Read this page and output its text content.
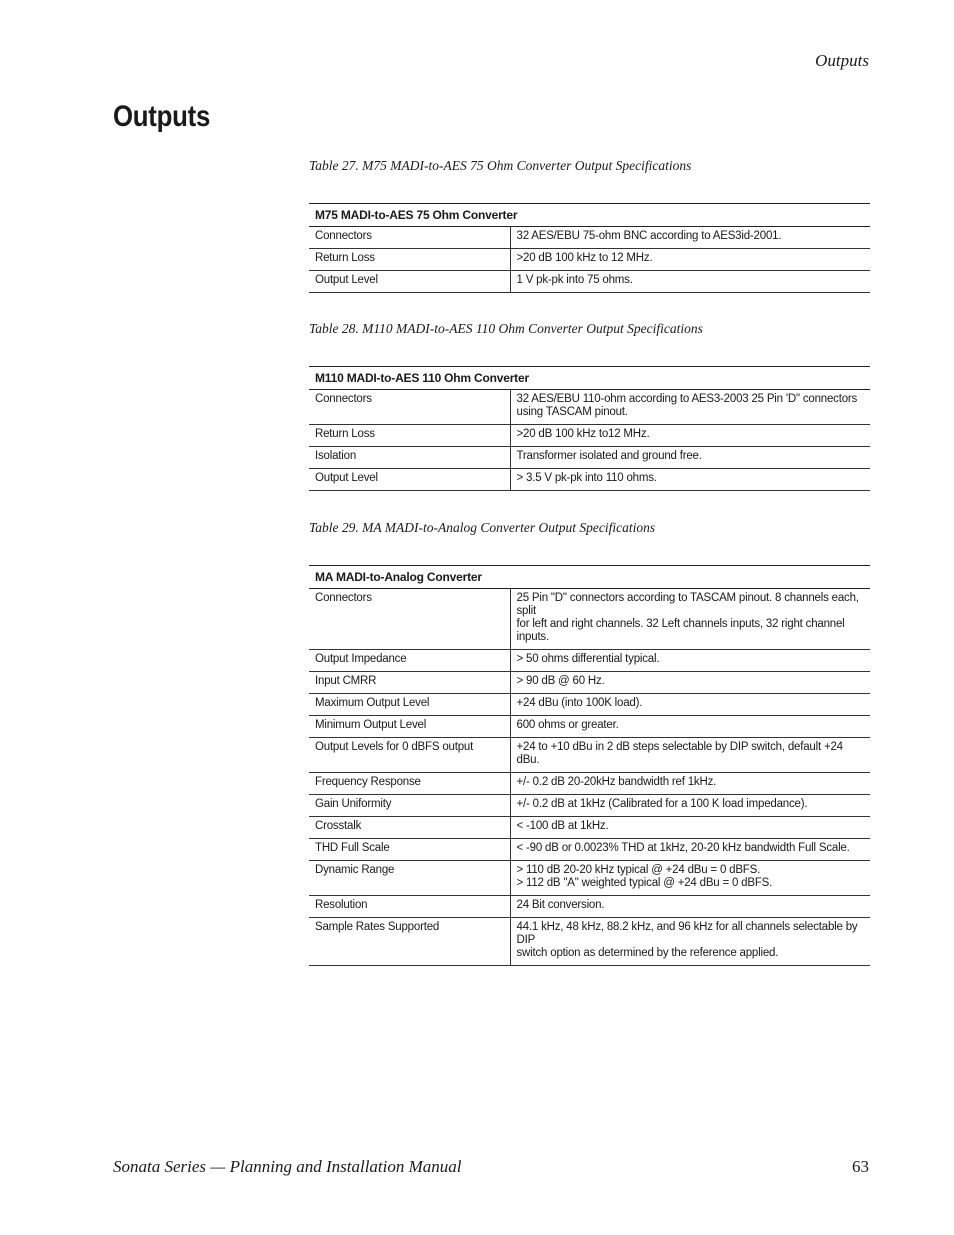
Outputs
Outputs
Table 27. M75 MADI-to-AES 75 Ohm Converter Output Specifications
M75 MADI-to-AES 75 Ohm Converter	
Connectors	32 AES/EBU 75-ohm BNC according to AES3id-2001.
Return Loss	>20 dB 100 kHz to 12 MHz.
Output Level	1 V pk-pk into 75 ohms.
Table 28. M110 MADI-to-AES 110 Ohm Converter Output Specifications
M110 MADI-to-AES 110 Ohm Converter	
Connectors	32 AES/EBU 110-ohm according to AES3-2003 25 Pin 'D" connectors
using TASCAM pinout.
Return Loss	>20 dB 100 kHz to12 MHz.
Isolation	Transformer isolated and ground free.
Output Level	> 3.5 V pk-pk into 110 ohms.
Table 29. MA MADI-to-Analog Converter Output Specifications
MA MADI-to-Analog Converter	
Connectors	25 Pin "D" connectors according to TASCAM pinout. 8 channels each, split
for left and right channels. 32 Left channels inputs, 32 right channel inputs.
Output Impedance	> 50 ohms differential typical.
Input CMRR	> 90 dB @ 60 Hz.
Maximum Output Level	+24 dBu (into 100K load).
Minimum Output Level	600 ohms or greater.
Output Levels for 0 dBFS output	+24 to +10 dBu in 2 dB steps selectable by DIP switch, default +24 dBu.
Frequency Response	+/- 0.2 dB 20-20kHz bandwidth ref 1kHz.
Gain Uniformity	+/- 0.2 dB at 1kHz (Calibrated for a 100 K load impedance).
Crosstalk	< -100 dB at 1kHz.
THD Full Scale	< -90 dB or 0.0023% THD at 1kHz, 20-20 kHz bandwidth Full Scale.
Dynamic Range	> 110 dB 20-20 kHz typical @ +24 dBu = 0 dBFS.
> 112 dB "A" weighted typical @ +24 dBu = 0 dBFS.
Resolution	24 Bit conversion.
Sample Rates Supported	44.1 kHz, 48 kHz, 88.2 kHz, and 96 kHz for all channels selectable by DIP
switch option as determined by the reference applied.
Sonata Series — Planning and Installation Manual	63
